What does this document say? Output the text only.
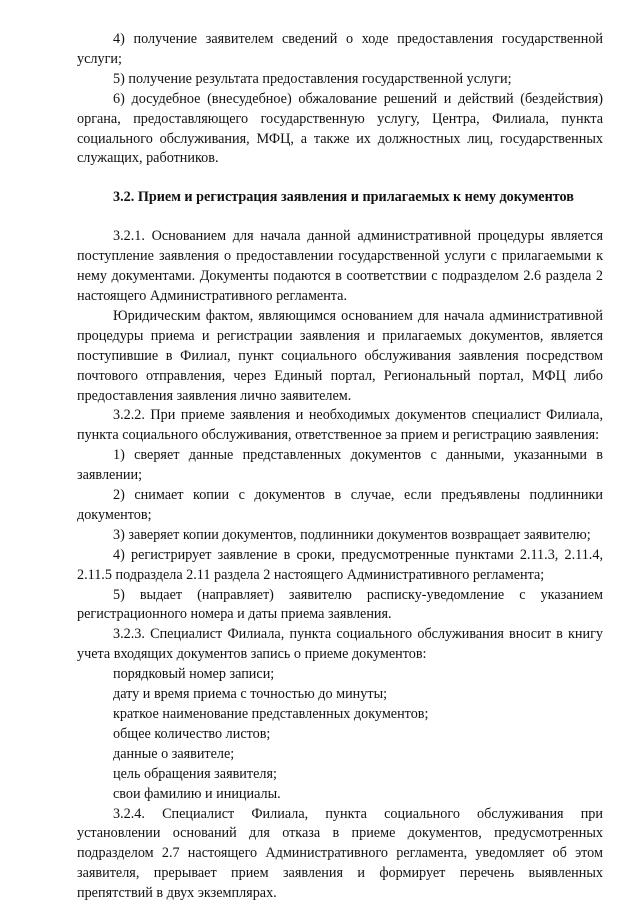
4) получение заявителем сведений о ходе предоставления государственной услуги;

5) получение результата предоставления государственной услуги;

6) досудебное (внесудебное) обжалование решений и действий (бездействия) органа, предоставляющего государственную услугу, Центра, Филиала, пункта социального обслуживания, МФЦ, а также их должностных лиц, государственных служащих, работников.

3.2. Прием и регистрация заявления и прилагаемых к нему документов

3.2.1. Основанием для начала данной административной процедуры является поступление заявления о предоставлении государственной услуги с прилагаемыми к нему документами. Документы подаются в соответствии с подразделом 2.6 раздела 2 настоящего Административного регламента.

Юридическим фактом, являющимся основанием для начала административной процедуры приема и регистрации заявления и прилагаемых документов, является поступившие в Филиал, пункт социального обслуживания заявления посредством почтового отправления, через Единый портал, Региональный портал, МФЦ либо предоставления заявления лично заявителем.

3.2.2. При приеме заявления и необходимых документов специалист Филиала, пункта социального обслуживания, ответственное за прием и регистрацию заявления:

1) сверяет данные представленных документов с данными, указанными в заявлении;

2) снимает копии с документов в случае, если предъявлены подлинники документов;

3) заверяет копии документов, подлинники документов возвращает заявителю;

4) регистрирует заявление в сроки, предусмотренные пунктами 2.11.3, 2.11.4, 2.11.5 подраздела 2.11 раздела 2 настоящего Административного регламента;

5) выдает (направляет) заявителю расписку-уведомление с указанием регистрационного номера и даты приема заявления.

3.2.3. Специалист Филиала, пункта социального обслуживания вносит в книгу учета входящих документов запись о приеме документов:

порядковый номер записи;

дату и время приема с точностью до минуты;

краткое наименование представленных документов;

общее количество листов;

данные о заявителе;

цель обращения заявителя;

свои фамилию и инициалы.

3.2.4. Специалист Филиала, пункта социального обслуживания при установлении оснований для отказа в приеме документов, предусмотренных подразделом 2.7 настоящего Административного регламента, уведомляет об этом заявителя, прерывает прием заявления и формирует перечень выявленных препятствий в двух экземплярах.
